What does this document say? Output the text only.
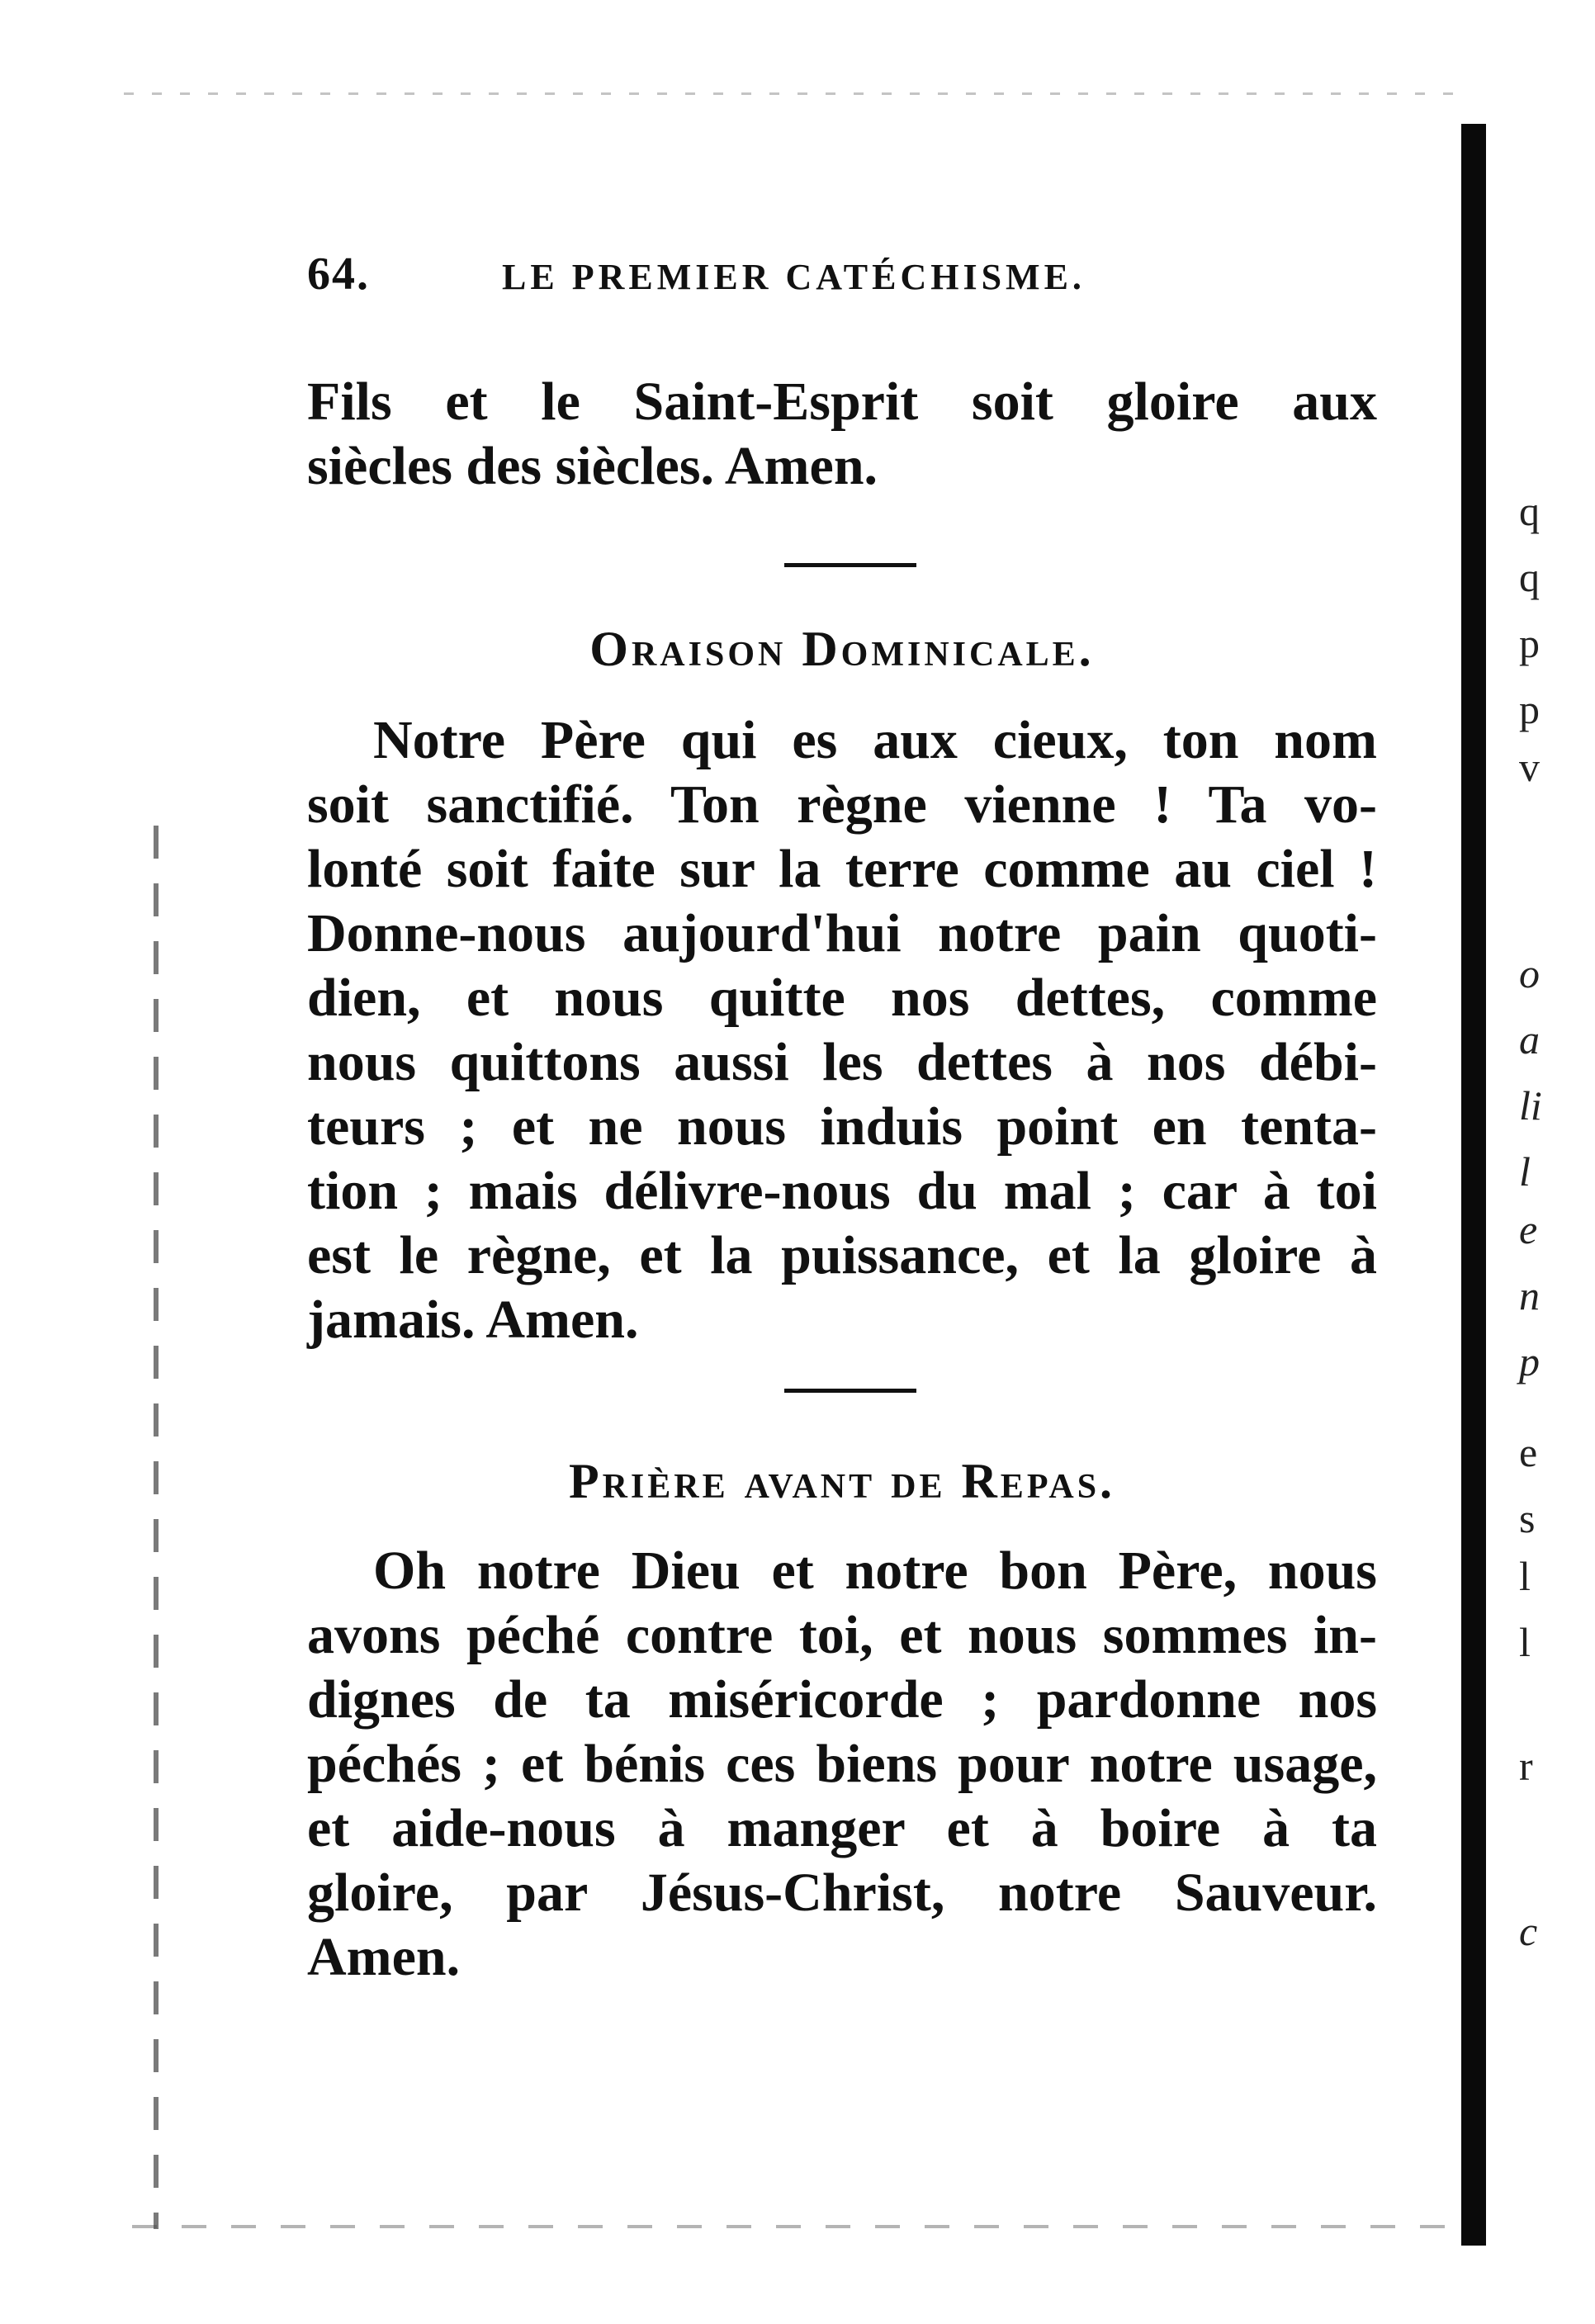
64.	LE PREMIER CATÉCHISME.
Fils et le Saint-Esprit soit gloire aux
siècles des siècles. Amen.
Oraison Dominicale.
Notre Père qui es aux cieux, ton nom
soit sanctifié. Ton règne vienne ! Ta vo-
lonté soit faite sur la terre comme au ciel !
Donne-nous aujourd'hui notre pain quoti-
dien, et nous quitte nos dettes, comme
nous quittons aussi les dettes à nos débi-
teurs ; et ne nous induis point en tenta-
tion ; mais délivre-nous du mal ; car à toi
est le règne, et la puissance, et la gloire à
jamais. Amen.
Prière avant de Repas.
Oh notre Dieu et notre bon Père, nous
avons péché contre toi, et nous sommes in-
dignes de ta miséricorde ; pardonne nos
péchés ; et bénis ces biens pour notre usage,
et aide-nous à manger et à boire à ta
gloire, par Jésus-Christ, notre Sauveur.
Amen.
q
q
p
p
v
o
a
li
l
e
n
p
e
s
l
l
r
c
